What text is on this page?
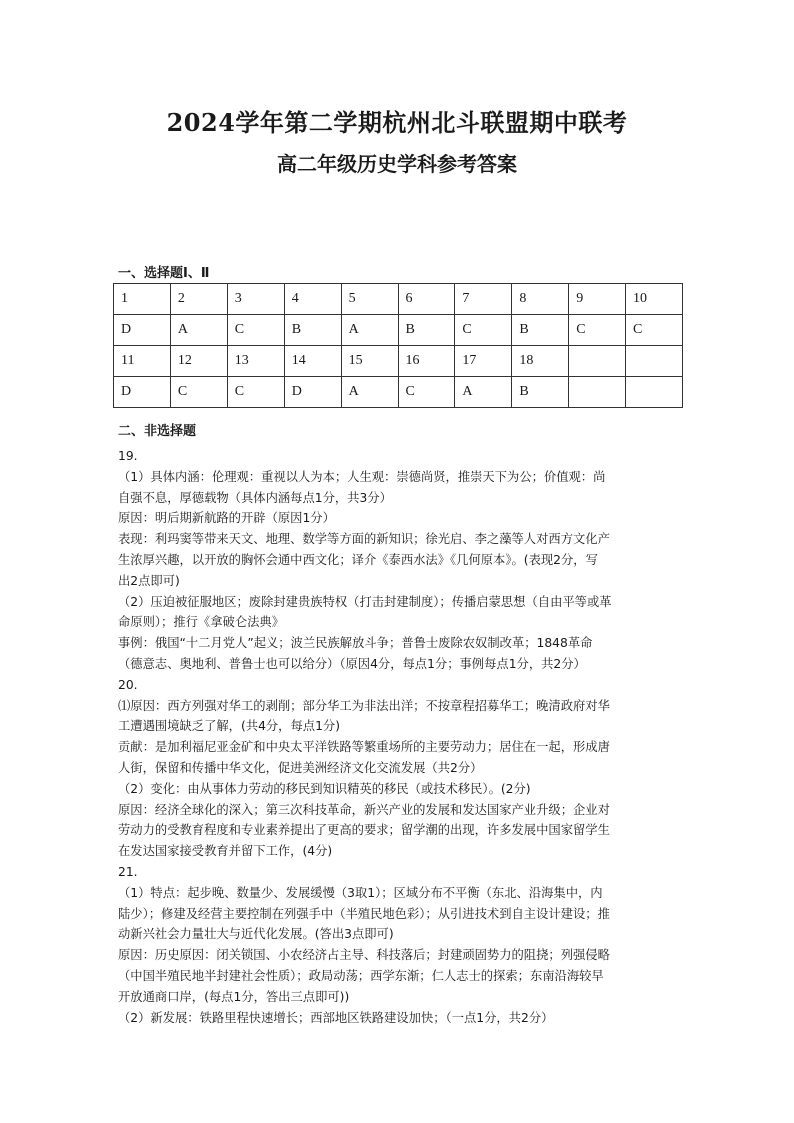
2024学年第二学期杭州北斗联盟期中联考
高二年级历史学科参考答案
一、选择题Ⅰ、Ⅱ
1	2	3	4	5	6	7	8	9	10
D	A	C	B	A	B	C	B	C	C
11	12	13	14	15	16	17	18		
D	C	C	D	A	C	A	B		
二、非选择题

19.

（1）具体内涵：伦理观：重视以人为本；人生观：崇德尚贤，推崇天下为公；价值观：尚

自强不息，厚德载物（具体内涵每点1分，共3分）

原因：明后期新航路的开辟（原因1分）

表现：利玛窦等带来天文、地理、数学等方面的新知识；徐光启、李之藻等人对西方文化产

生浓厚兴趣，以开放的胸怀会通中西文化；译介《泰西水法》《几何原本》。(表现2分，写

出2点即可)

（2）压迫被征服地区；废除封建贵族特权（打击封建制度）；传播启蒙思想（自由平等或革

命原则）；推行《拿破仑法典》

事例：俄国“十二月党人”起义；波兰民族解放斗争；普鲁士废除农奴制改革；1848革命

（德意志、奥地利、普鲁士也可以给分）（原因4分，每点1分；事例每点1分，共2分）

20.

⑴原因：西方列强对华工的剥削；部分华工为非法出洋；不按章程招募华工；晚清政府对华

工遭遇围境缺乏了解，(共4分，每点1分)

贡献：是加利福尼亚金矿和中央太平洋铁路等繁重场所的主要劳动力；居住在一起，形成唐

人街，保留和传播中华文化，促进美洲经济文化交流发展（共2分）

（2）变化：由从事体力劳动的移民到知识精英的移民（或技术移民）。(2分)

原因：经济全球化的深入；第三次科技革命，新兴产业的发展和发达国家产业升级；企业对

劳动力的受教育程度和专业素养提出了更高的要求；留学潮的出现，许多发展中国家留学生

在发达国家接受教育并留下工作，(4分)

21.

（1）特点：起步晚、数量少、发展缓慢（3取1）；区域分布不平衡（东北、沿海集中，内

陆少）；修建及经营主要控制在列强手中（半殖民地色彩）；从引进技术到自主设计建设；推

动新兴社会力量壮大与近代化发展。(答出3点即可)

原因：历史原因：闭关锁国、小农经济占主导、科技落后；封建顽固势力的阻挠；列强侵略

（中国半殖民地半封建社会性质）；政局动荡；西学东渐；仁人志士的探索；东南沿海较早

开放通商口岸，(每点1分，答出三点即可))

（2）新发展：铁路里程快速增长；西部地区铁路建设加快；（一点1分，共2分）
